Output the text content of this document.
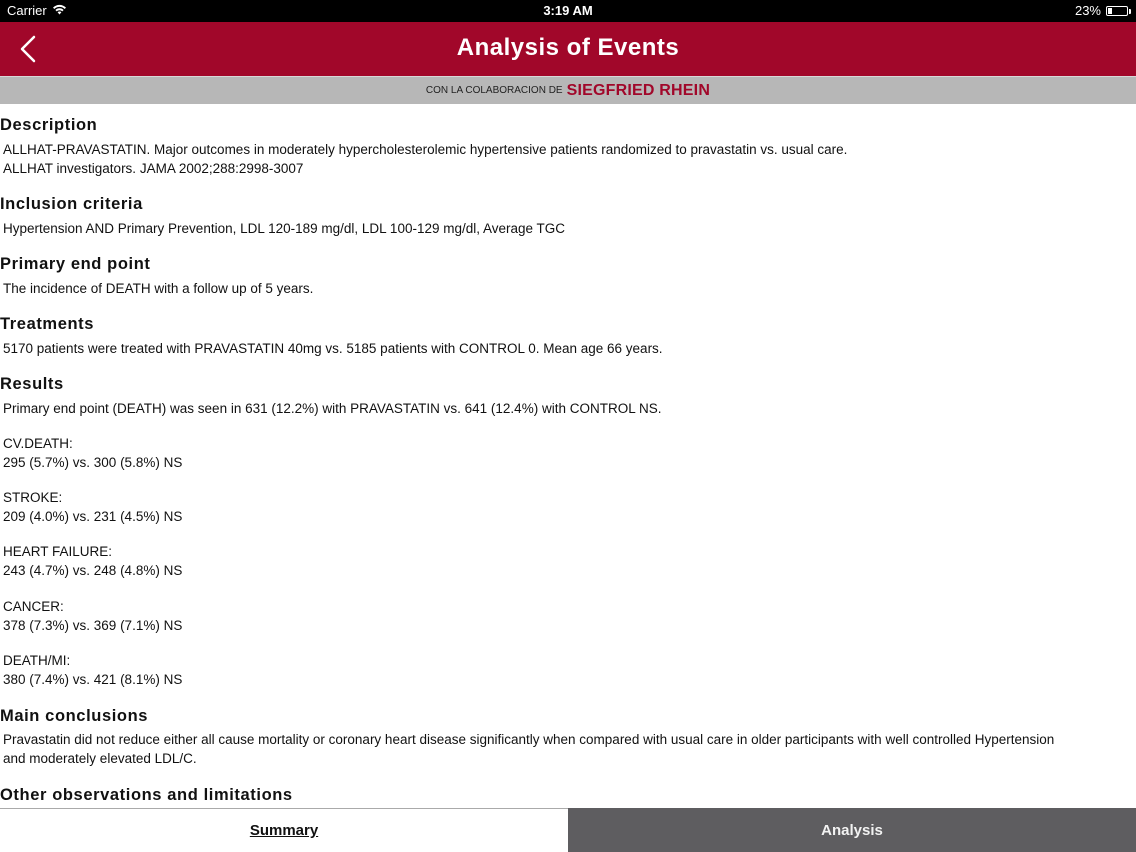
Carrier	3:19 AM	23%
Analysis of Events
CON LA COLABORACION DE SIEGFRIED RHEIN
Description

ALLHAT-PRAVASTATIN. Major outcomes in moderately hypercholesterolemic hypertensive patients randomized to pravastatin vs. usual care.

ALLHAT investigators. JAMA 2002;288:2998-3007

Inclusion criteria

Hypertension AND Primary Prevention, LDL 120-189 mg/dl, LDL 100-129 mg/dl, Average TGC

Primary end point

The incidence of DEATH with a follow up of 5 years.

Treatments

5170 patients were treated with PRAVASTATIN 40mg vs. 5185 patients with CONTROL 0. Mean age 66 years.

Results

Primary end point (DEATH) was seen in 631 (12.2%) with PRAVASTATIN vs. 641 (12.4%) with CONTROL NS.

CV.DEATH:

295 (5.7%) vs. 300 (5.8%) NS

STROKE:

209 (4.0%) vs. 231 (4.5%) NS

HEART FAILURE:

243 (4.7%) vs. 248 (4.8%) NS

CANCER:

378 (7.3%) vs. 369 (7.1%) NS

DEATH/MI:

380 (7.4%) vs. 421 (8.1%) NS

Main conclusions

Pravastatin did not reduce either all cause mortality or coronary heart disease significantly when compared with usual care in older participants with well controlled Hypertension

and moderately elevated LDL/C.

Other observations and limitations
Summary	Analysis
